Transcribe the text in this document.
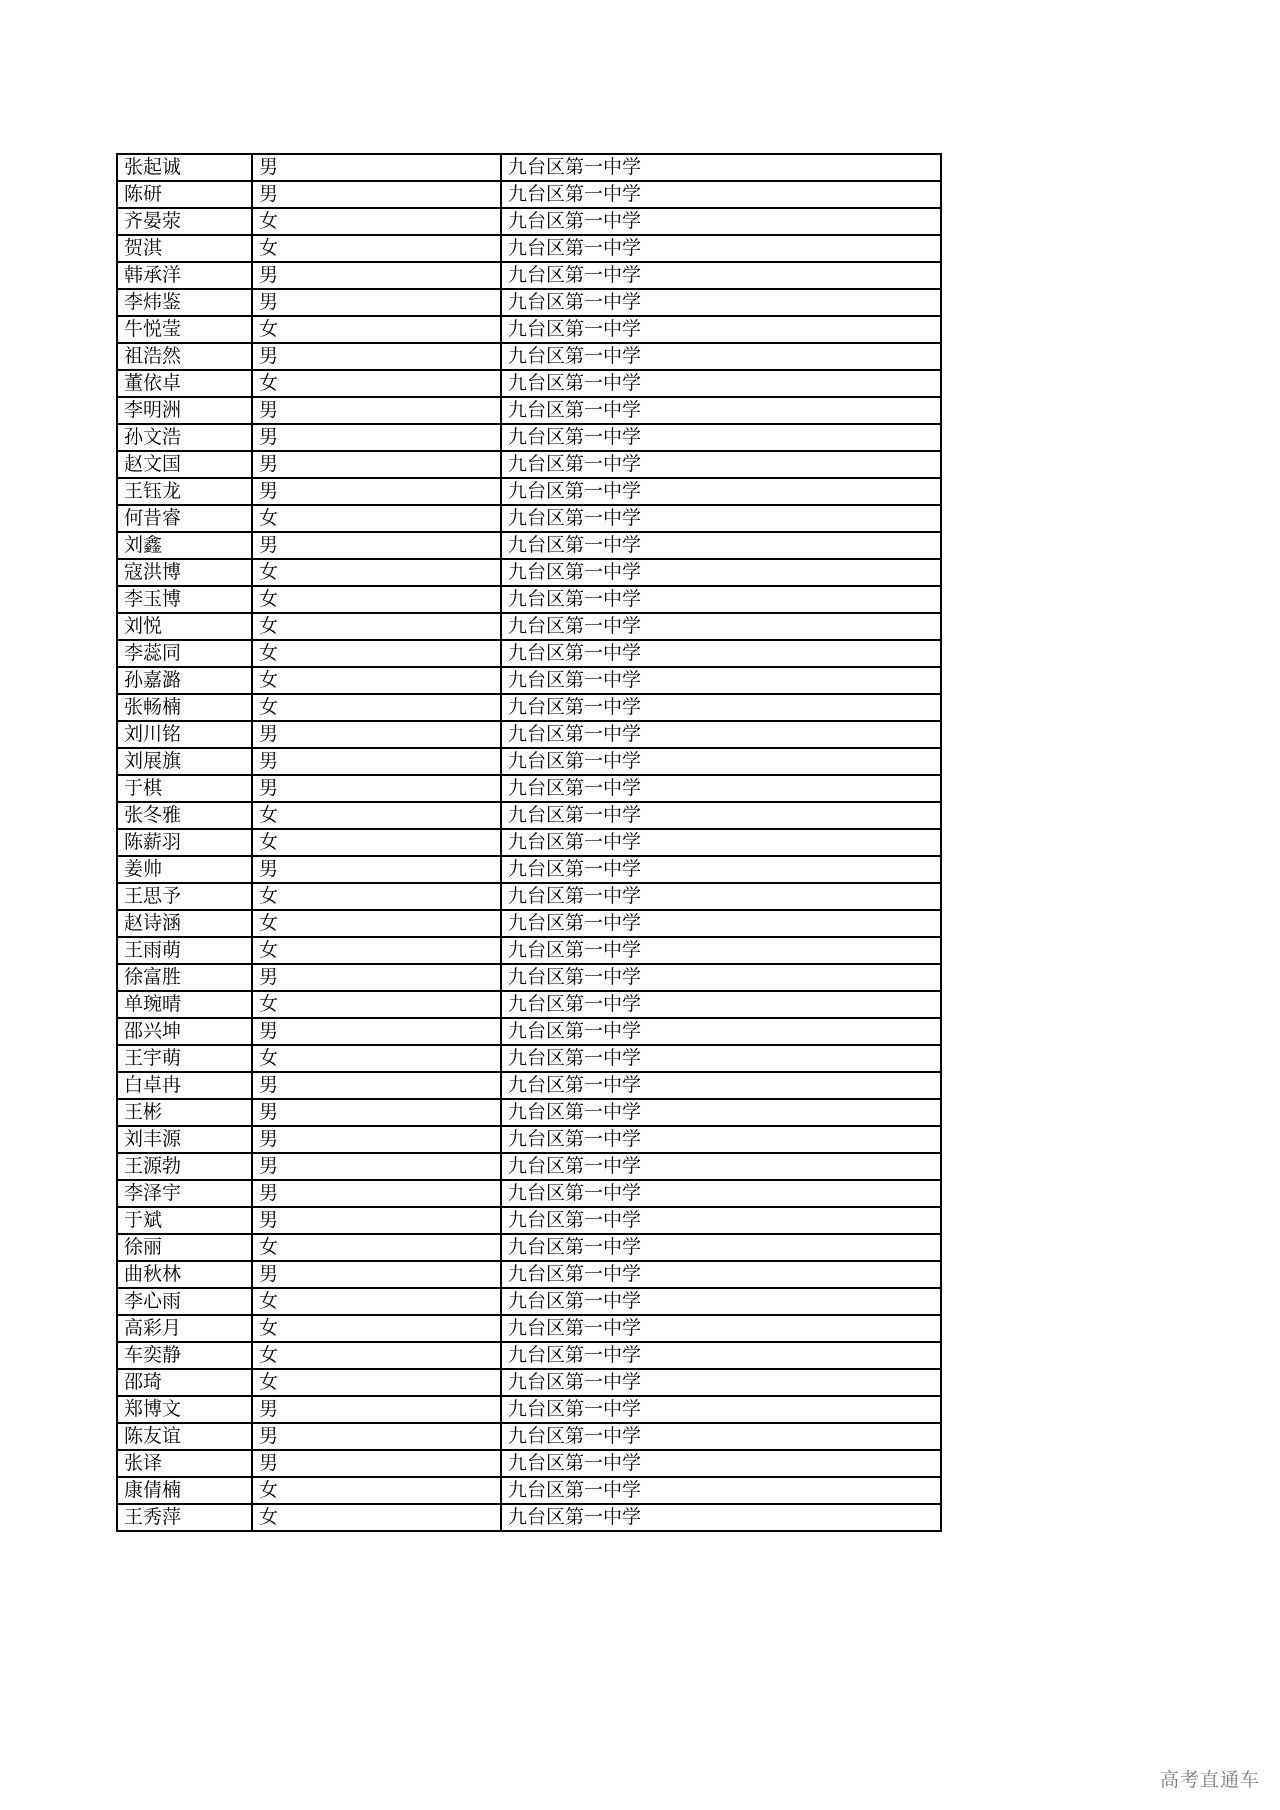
张起诚	男	九台区第一中学
陈研	男	九台区第一中学
齐晏荥	女	九台区第一中学
贺淇	女	九台区第一中学
韩承洋	男	九台区第一中学
李炜鉴	男	九台区第一中学
牛悦莹	女	九台区第一中学
祖浩然	男	九台区第一中学
董依卓	女	九台区第一中学
李明洲	男	九台区第一中学
孙文浩	男	九台区第一中学
赵文国	男	九台区第一中学
王钰龙	男	九台区第一中学
何昔睿	女	九台区第一中学
刘鑫	男	九台区第一中学
寇洪博	女	九台区第一中学
李玉博	女	九台区第一中学
刘悦	女	九台区第一中学
李蕊同	女	九台区第一中学
孙嘉潞	女	九台区第一中学
张畅楠	女	九台区第一中学
刘川铭	男	九台区第一中学
刘展旗	男	九台区第一中学
于棋	男	九台区第一中学
张冬雅	女	九台区第一中学
陈薪羽	女	九台区第一中学
姜帅	男	九台区第一中学
王思予	女	九台区第一中学
赵诗涵	女	九台区第一中学
王雨萌	女	九台区第一中学
徐富胜	男	九台区第一中学
单琬晴	女	九台区第一中学
邵兴坤	男	九台区第一中学
王宇萌	女	九台区第一中学
白卓冉	男	九台区第一中学
王彬	男	九台区第一中学
刘丰源	男	九台区第一中学
王源勃	男	九台区第一中学
李泽宇	男	九台区第一中学
于斌	男	九台区第一中学
徐丽	女	九台区第一中学
曲秋林	男	九台区第一中学
李心雨	女	九台区第一中学
高彩月	女	九台区第一中学
车奕静	女	九台区第一中学
邵琦	女	九台区第一中学
郑博文	男	九台区第一中学
陈友谊	男	九台区第一中学
张译	男	九台区第一中学
康倩楠	女	九台区第一中学
王秀萍	女	九台区第一中学
高考直通车
